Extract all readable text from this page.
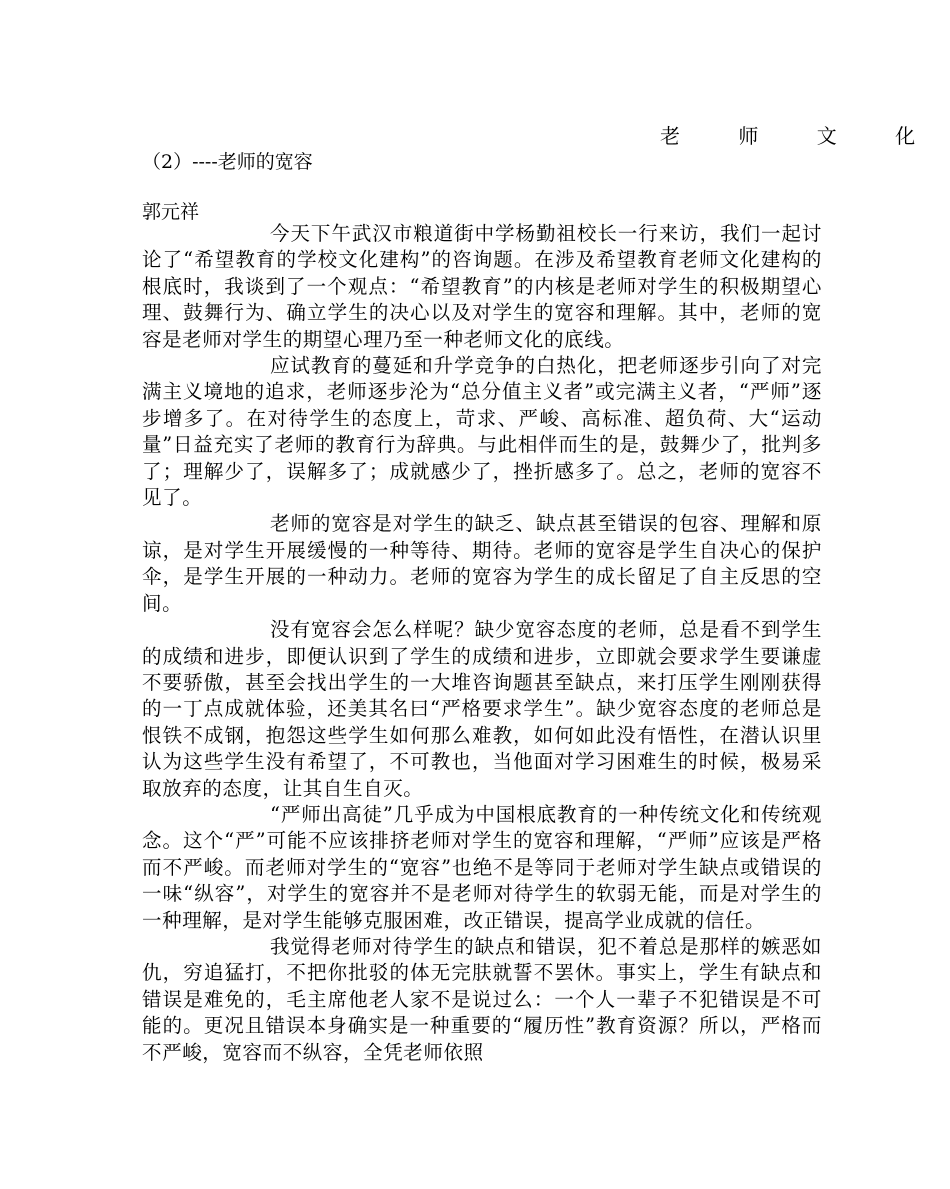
老 师 文 化
（2）----老师的宽容
郭元祥

今天下午武汉市粮道街中学杨勤祖校长一行来访，我们一起讨论了“希望教育的学校文化建构”的咨询题。在涉及希望教育老师文化建构的根底时，我谈到了一个观点：“希望教育”的内核是老师对学生的积极期望心理、鼓舞行为、确立学生的决心以及对学生的宽容和理解。其中，老师的宽容是老师对学生的期望心理乃至一种老师文化的底线。

应试教育的蔓延和升学竞争的白热化，把老师逐步引向了对完满主义境地的追求，老师逐步沦为“总分值主义者”或完满主义者，“严师”逐步增多了。在对待学生的态度上，苛求、严峻、高标准、超负荷、大“运动量”日益充实了老师的教育行为辞典。与此相伴而生的是，鼓舞少了，批判多了；理解少了，误解多了；成就感少了，挫折感多了。总之，老师的宽容不见了。

老师的宽容是对学生的缺乏、缺点甚至错误的包容、理解和原谅，是对学生开展缓慢的一种等待、期待。老师的宽容是学生自决心的保护伞，是学生开展的一种动力。老师的宽容为学生的成长留足了自主反思的空间。

没有宽容会怎么样呢？缺少宽容态度的老师，总是看不到学生的成绩和进步，即便认识到了学生的成绩和进步，立即就会要求学生要谦虚不要骄傲，甚至会找出学生的一大堆咨询题甚至缺点，来打压学生刚刚获得的一丁点成就体验，还美其名曰“严格要求学生”。缺少宽容态度的老师总是恨铁不成钢，抱怨这些学生如何那么难教，如何如此没有悟性，在潜认识里认为这些学生没有希望了，不可教也，当他面对学习困难生的时候，极易采取放弃的态度，让其自生自灭。

“严师出高徒”几乎成为中国根底教育的一种传统文化和传统观念。这个“严”可能不应该排挤老师对学生的宽容和理解，“严师”应该是严格而不严峻。而老师对学生的“宽容”也绝不是等同于老师对学生缺点或错误的一味“纵容”，对学生的宽容并不是老师对待学生的软弱无能，而是对学生的一种理解，是对学生能够克服困难，改正错误，提高学业成就的信任。

我觉得老师对待学生的缺点和错误，犯不着总是那样的嫉恶如仇，穷追猛打，不把你批驳的体无完肤就誓不罢休。事实上，学生有缺点和错误是难免的，毛主席他老人家不是说过么：一个人一辈子不犯错误是不可能的。更况且错误本身确实是一种重要的“履历性”教育资源？所以，严格而不严峻，宽容而不纵容，全凭老师依照
